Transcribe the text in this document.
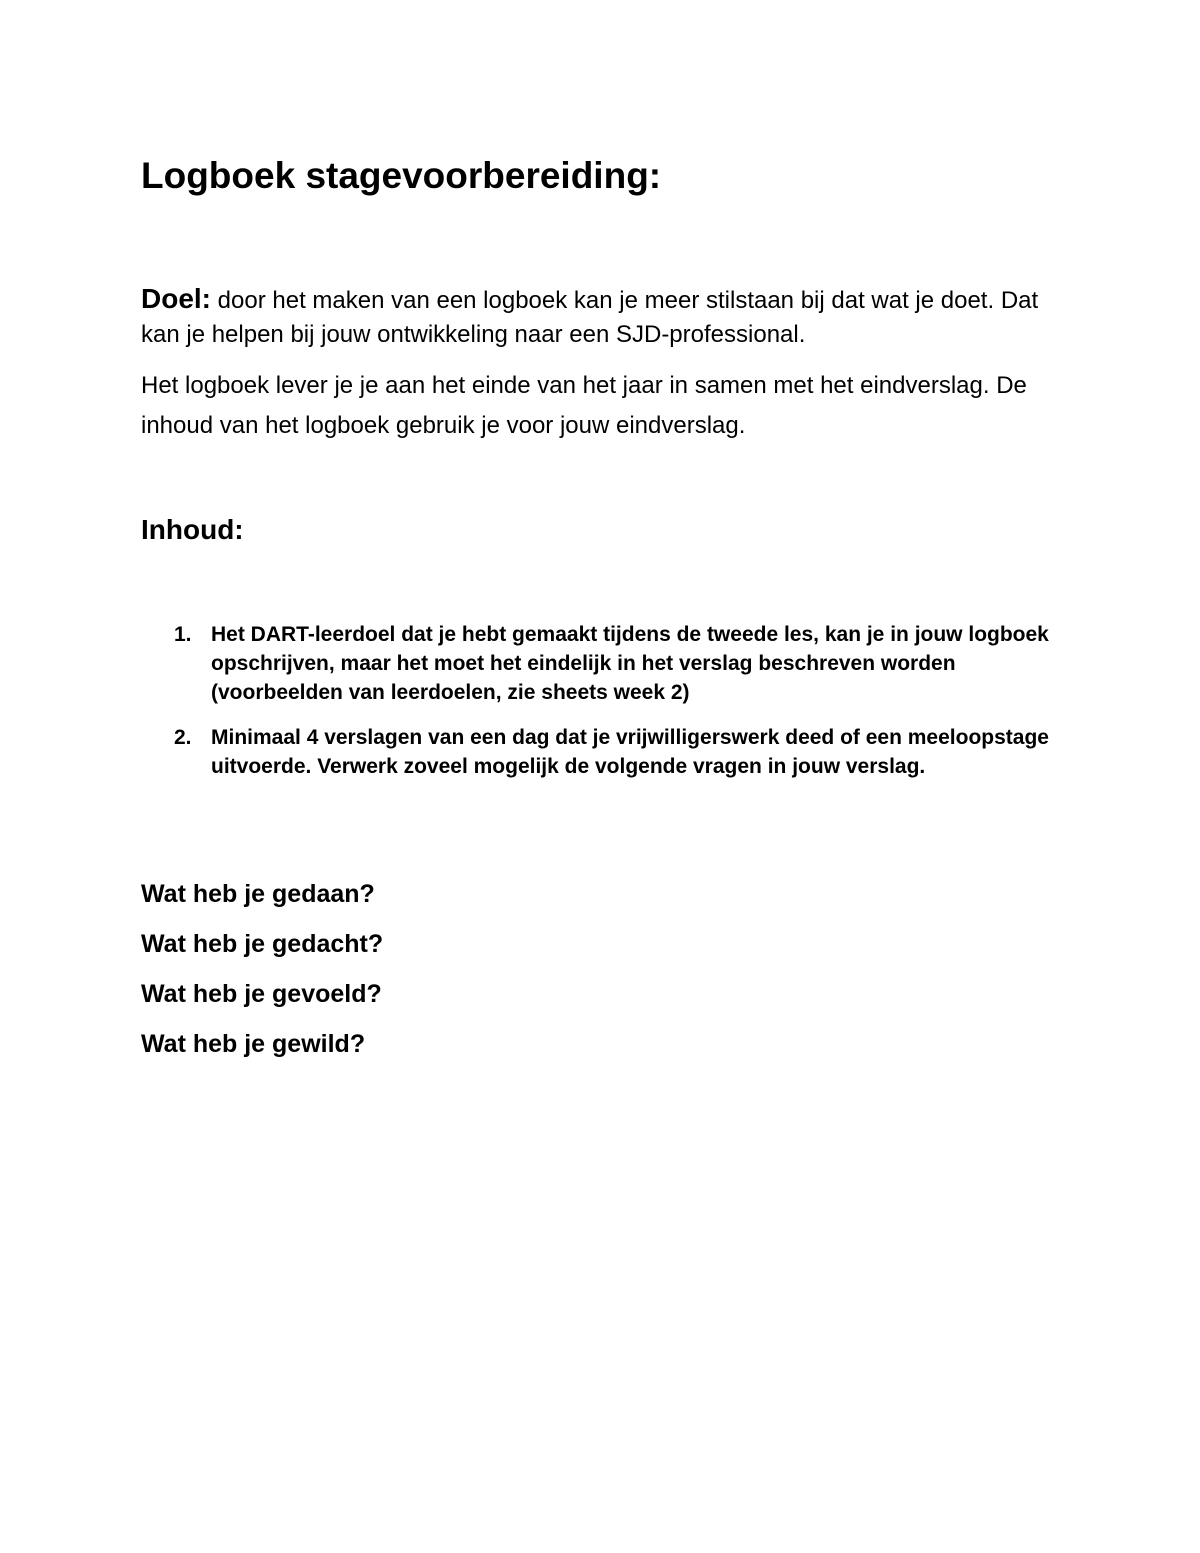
Logboek stagevoorbereiding:

Doel: door het maken van een logboek kan je meer stilstaan bij dat wat je doet. Dat kan je helpen bij jouw ontwikkeling naar een SJD-professional.

Het logboek lever je je aan het einde van het jaar in samen met het eindverslag. De inhoud van het logboek gebruik je voor jouw eindverslag.

Inhoud:
1. Het DART-leerdoel dat je hebt gemaakt tijdens de tweede les, kan je in jouw logboek opschrijven, maar het moet het eindelijk in het verslag beschreven worden (voorbeelden van leerdoelen, zie sheets week 2)
2. Minimaal 4 verslagen van een dag dat je vrijwilligerswerk deed of een meeloopstage uitvoerde. Verwerk zoveel mogelijk de volgende vragen in jouw verslag.

Wat heb je gedaan?

Wat heb je gedacht?

Wat heb je gevoeld?

Wat heb je gewild?
